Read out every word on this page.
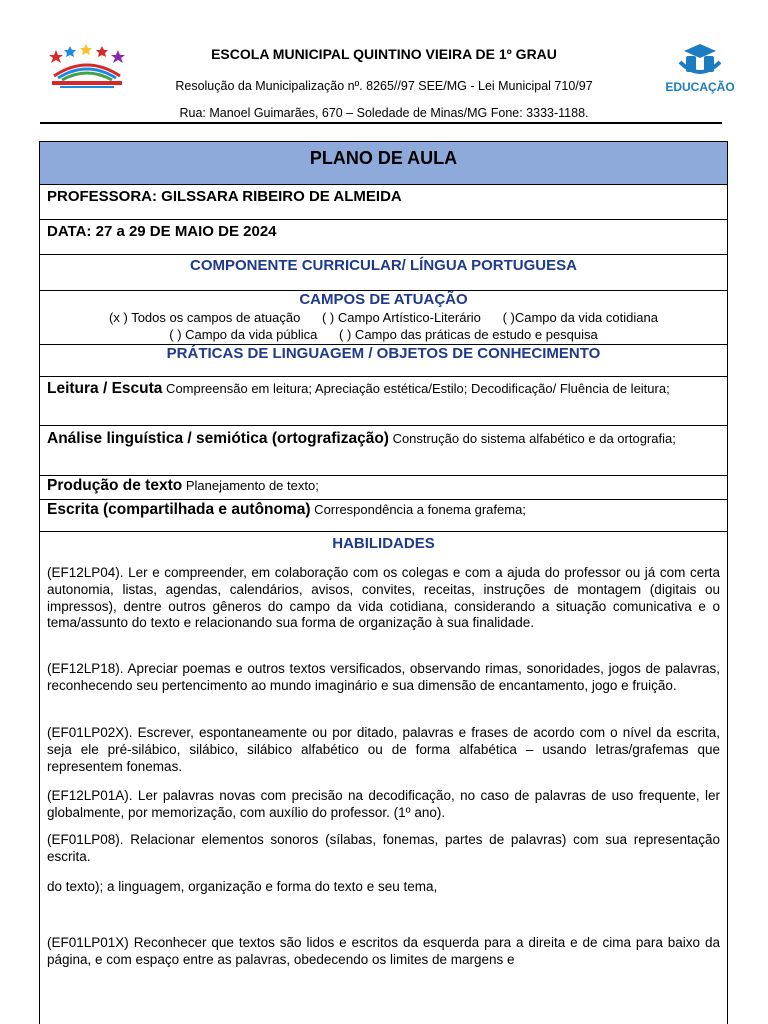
ESCOLA MUNICIPAL QUINTINO VIEIRA DE 1º GRAU
Resolução da Municipalização nº. 8265//97 SEE/MG - Lei Municipal 710/97
Rua: Manoel Guimarães, 670 – Soledade de Minas/MG Fone: 3333-1188.
EDUCAÇÃO
PLANO DE AULA
PROFESSORA: GILSSARA RIBEIRO DE ALMEIDA
DATA: 27 a 29 DE MAIO DE 2024
COMPONENTE CURRICULAR/ LÍNGUA PORTUGUESA
CAMPOS DE ATUAÇÃO
(x ) Todos os campos de atuação      ( ) Campo Artístico-Literário      ( )Campo da vida cotidiana
( ) Campo da vida pública      ( ) Campo das práticas de estudo e pesquisa
PRÁTICAS DE LINGUAGEM / OBJETOS DE CONHECIMENTO
Leitura / Escuta Compreensão em leitura; Apreciação estética/Estilo; Decodificação/ Fluência de leitura;
Análise linguística / semiótica (ortografização) Construção do sistema alfabético e da ortografia;
Produção de texto Planejamento de texto;
Escrita (compartilhada e autônoma) Correspondência a fonema grafema;
HABILIDADES

(EF12LP04). Ler e compreender, em colaboração com os colegas e com a ajuda do professor ou já com certa autonomia, listas, agendas, calendários, avisos, convites, receitas, instruções de montagem (digitais ou impressos), dentre outros gêneros do campo da vida cotidiana, considerando a situação comunicativa e o tema/assunto do texto e relacionando sua forma de organização à sua finalidade.

(EF12LP18). Apreciar poemas e outros textos versificados, observando rimas, sonoridades, jogos de palavras, reconhecendo seu pertencimento ao mundo imaginário e sua dimensão de encantamento, jogo e fruição.

(EF01LP02X). Escrever, espontaneamente ou por ditado, palavras e frases de acordo com o nível da escrita, seja ele pré-silábico, silábico, silábico alfabético ou de forma alfabética – usando letras/grafemas que representem fonemas.

(EF12LP01A). Ler palavras novas com precisão na decodificação, no caso de palavras de uso frequente, ler globalmente, por memorização, com auxílio do professor. (1º ano).

(EF01LP08). Relacionar elementos sonoros (sílabas, fonemas, partes de palavras) com sua representação escrita.

do texto); a linguagem, organização e forma do texto e seu tema,

(EF01LP01X) Reconhecer que textos são lidos e escritos da esquerda para a direita e de cima para baixo da página, e com espaço entre as palavras, obedecendo os limites de margens e
